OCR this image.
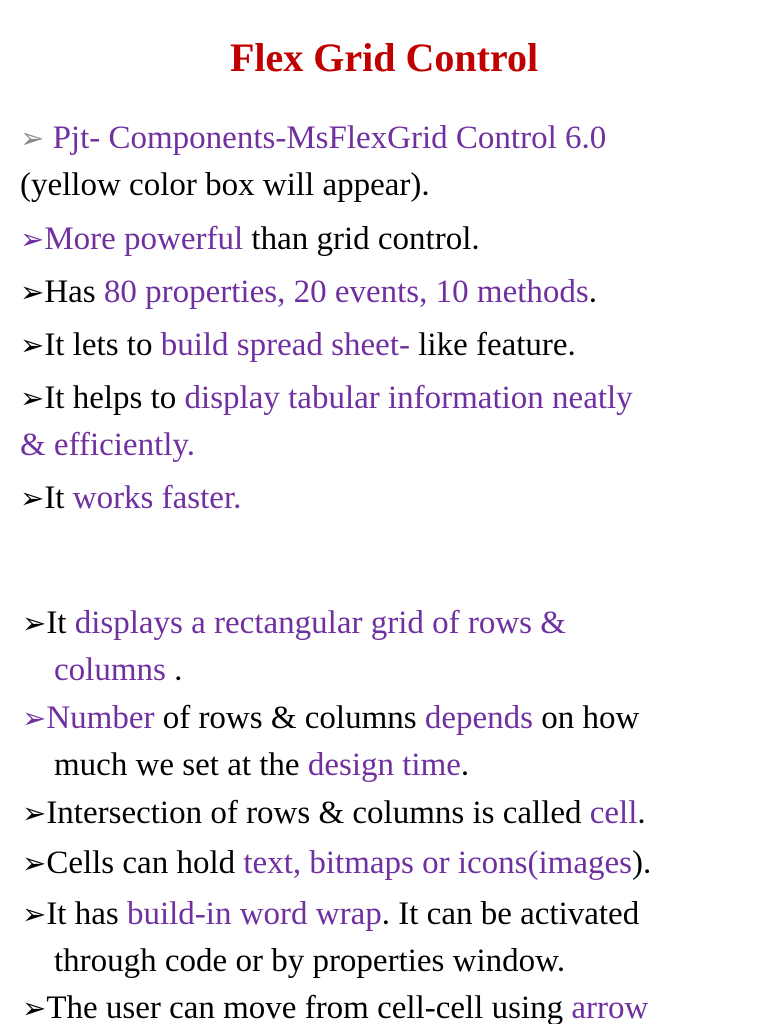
Flex Grid Control

➢ Pjt- Components-MsFlexGrid Control 6.0

(yellow color box will appear).

➢More powerful than grid control.

➢Has 80 properties, 20 events, 10 methods.

➢It lets to build spread sheet- like feature.

➢It helps to display tabular information neatly

& efficiently.

➢It works faster.

➢It displays a rectangular grid of rows &

columns .

➢Number of rows & columns depends on how

much we set at the design time.

➢Intersection of rows & columns is called cell.

➢Cells can hold text, bitmaps or icons(images).

➢It has build-in word wrap. It can be activated

through code or by properties window.

➢The user can move from cell-cell using arrow
